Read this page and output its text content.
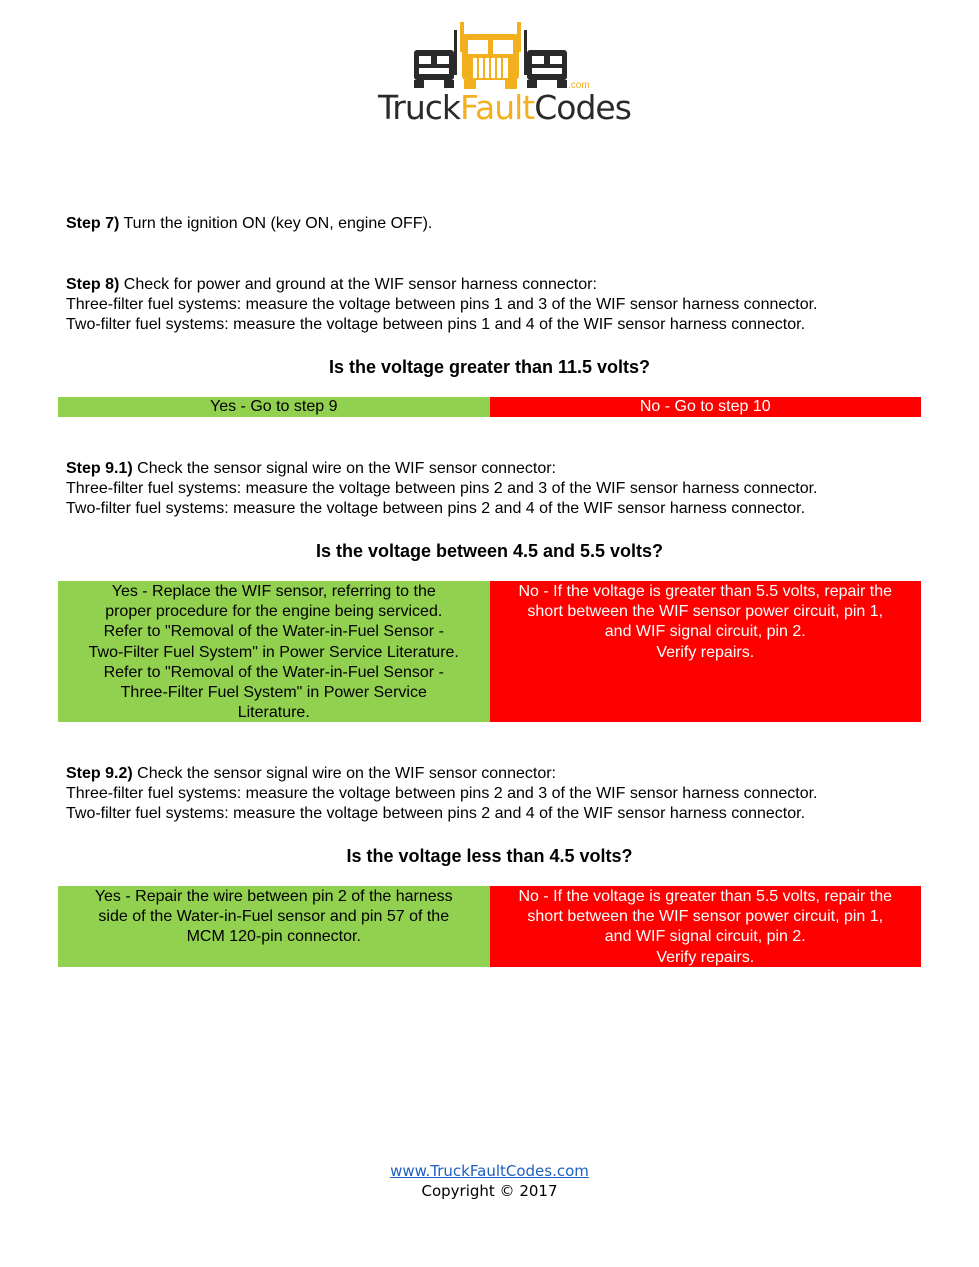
.com
TruckFaultCodes
Step 7) Turn the ignition ON (key ON, engine OFF).
Step 8) Check for power and ground at the WIF sensor harness connector:
Three-filter fuel systems: measure the voltage between pins 1 and 3 of the WIF sensor harness connector.
Two-filter fuel systems: measure the voltage between pins 1 and 4 of the WIF sensor harness connector.
Is the voltage greater than 11.5 volts?
Yes - Go to step 9	No - Go to step 10
Step 9.1) Check the sensor signal wire on the WIF sensor connector:
Three-filter fuel systems: measure the voltage between pins 2 and 3 of the WIF sensor harness connector.
Two-filter fuel systems: measure the voltage between pins 2 and 4 of the WIF sensor harness connector.
Is the voltage between 4.5 and 5.5 volts?
Yes - Replace the WIF sensor, referring to the
proper procedure for the engine being serviced.
Refer to "Removal of the Water-in-Fuel Sensor -
Two-Filter Fuel System" in Power Service Literature.
Refer to "Removal of the Water-in-Fuel Sensor -
Three-Filter Fuel System" in Power Service
Literature.
No - If the voltage is greater than 5.5 volts, repair the
short between the WIF sensor power circuit, pin 1,
and WIF signal circuit, pin 2.
Verify repairs.
Step 9.2) Check the sensor signal wire on the WIF sensor connector:
Three-filter fuel systems: measure the voltage between pins 2 and 3 of the WIF sensor harness connector.
Two-filter fuel systems: measure the voltage between pins 2 and 4 of the WIF sensor harness connector.
Is the voltage less than 4.5 volts?
Yes - Repair the wire between pin 2 of the harness
side of the Water-in-Fuel sensor and pin 57 of the
MCM 120-pin connector.
No - If the voltage is greater than 5.5 volts, repair the
short between the WIF sensor power circuit, pin 1,
and WIF signal circuit, pin 2.
Verify repairs.
www.TruckFaultCodes.com
Copyright © 2017
